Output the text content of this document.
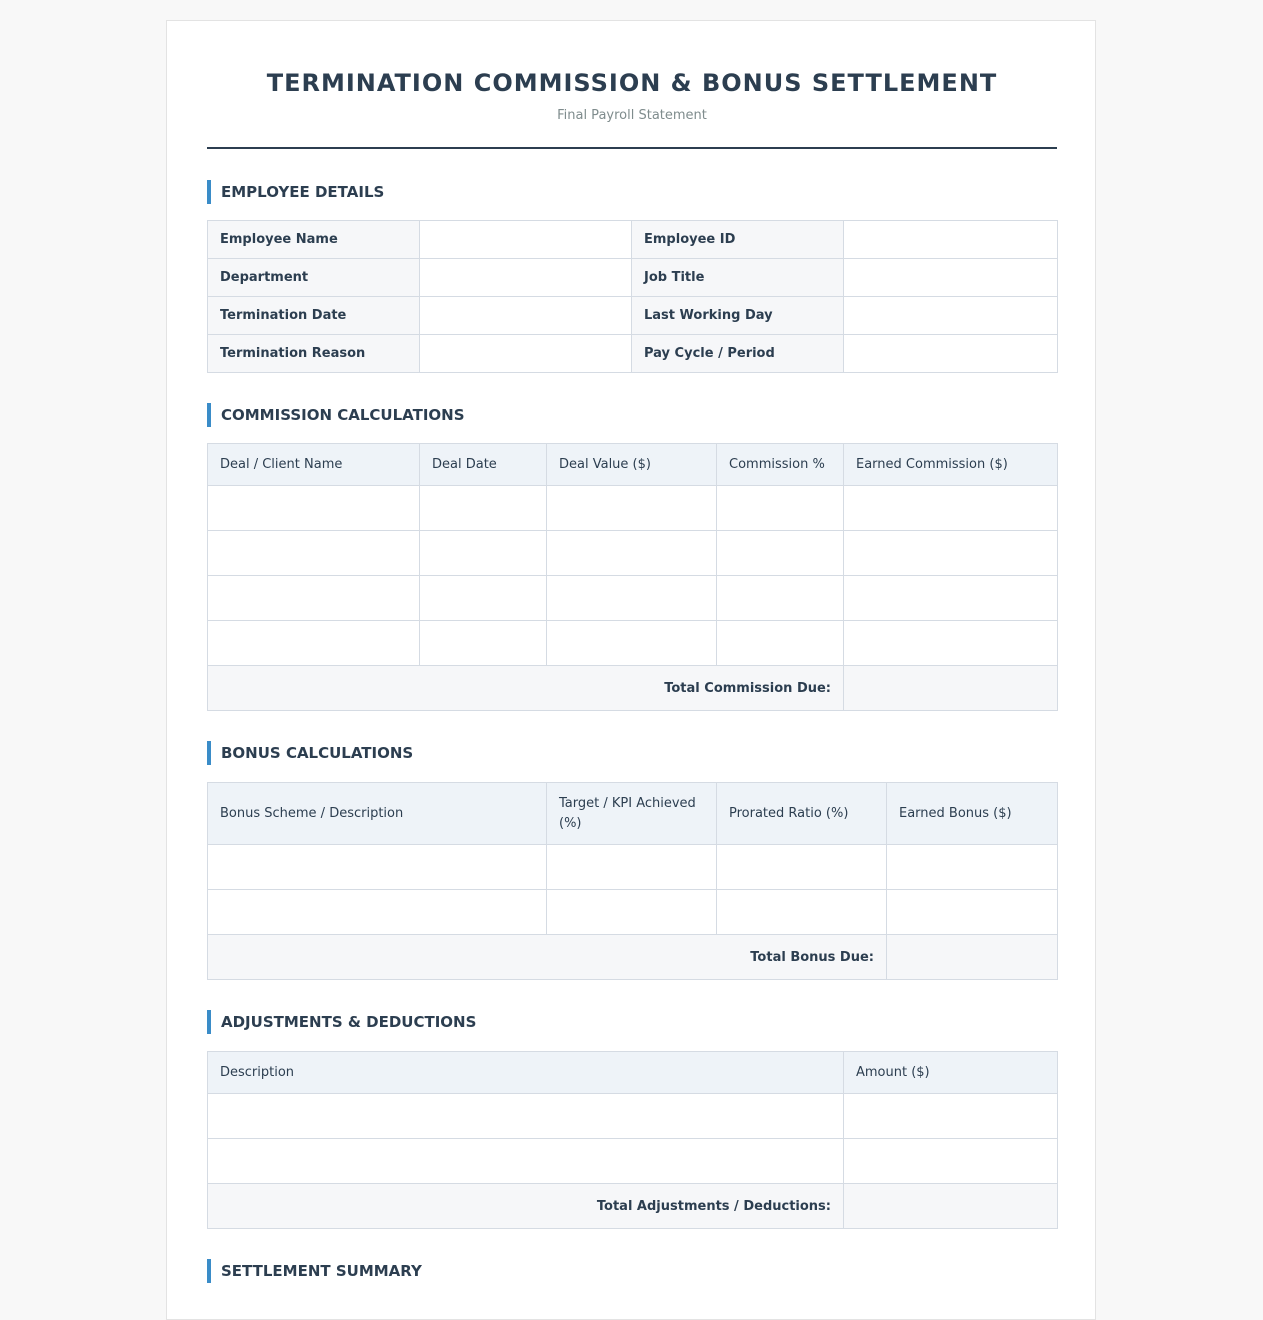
TERMINATION COMMISSION & BONUS SETTLEMENT
Final Payroll Statement
EMPLOYEE DETAILS
Employee Name		Employee ID	
Department		Job Title	
Termination Date		Last Working Day	
Termination Reason		Pay Cycle / Period	
COMMISSION CALCULATIONS
Deal / Client Name	Deal Date	Deal Value ($)	Commission %	Earned Commission ($)

Total Commission Due:				
BONUS CALCULATIONS
Bonus Scheme / Description	Target / KPI Achieved (%)	Prorated Ratio (%)	Earned Bonus ($)

Total Bonus Due:			
ADJUSTMENTS & DEDUCTIONS
Description	Amount ($)

Total Adjustments / Deductions:	
SETTLEMENT SUMMARY
